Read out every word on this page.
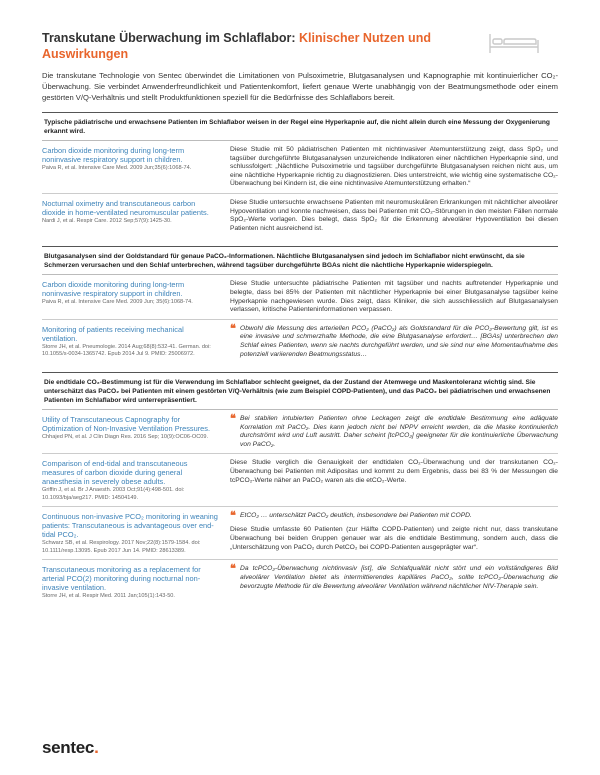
Transkutane Überwachung im Schlaflabor: Klinischer Nutzen und Auswirkungen

Die transkutane Technologie von Sentec überwindet die Limitationen von Pulsoximetrie, Blutgasanalysen und Kapnographie mit kontinuierlicher CO₂-Überwachung. Sie verbindet Anwenderfreundlichkeit und Patientenkomfort, liefert genaue Werte unabhängig von der Beatmungsmethode oder einem gestörten V/Q-Verhältnis und stellt Produktfunktionen speziell für die Bedürfnisse des Schlaflabors bereit.

Typische pädiatrische und erwachsene Patienten im Schlaflabor weisen in der Regel eine Hyperkapnie auf, die nicht allein durch eine Messung der Oxygenierung erkannt wird.
Carbon dioxide monitoring during long-term noninvasive respiratory support in children.
Paiva R, et al. Intensive Care Med. 2009 Jun;35(6):1068-74.
Diese Studie mit 50 pädiatrischen Patienten mit nichtinvasiver Atemunterstützung zeigt, dass SpO₂ und tagsüber durchgeführte Blutgasanalysen unzureichende Indikatoren einer nächtlichen Hyperkapnie sind, und schlussfolgert: „Nächtliche Pulsoximetrie und tagsüber durchgeführte Blutgasanalysen reichen nicht aus, um eine nächtliche Hyperkapnie richtig zu diagnostizieren. Dies unterstreicht, wie wichtig eine systematische CO₂-Überwachung bei Kindern ist, die eine nichtinvasive Atemunterstützung erhalten.“
Nocturnal oximetry and transcutaneous carbon dioxide in home-ventilated neuromuscular patients.
Nardi J, et al. Respir Care. 2012 Sep;57(9):1425-30.
Diese Studie untersuchte erwachsene Patienten mit neuromuskulären Erkrankungen mit nächtlicher alveolärer Hypoventilation und konnte nachweisen, dass bei Patienten mit CO₂-Störungen in den meisten Fällen normale SpO₂-Werte vorlagen. Dies belegt, dass SpO₂ für die Erkennung alveolärer Hypoventilation bei diesen Patienten nicht ausreichend ist.
Blutgasanalysen sind der Goldstandard für genaue PaCO₂-Informationen. Nächtliche Blutgasanalysen sind jedoch im Schlaflabor nicht erwünscht, da sie Schmerzen verursachen und den Schlaf unterbrechen, während tagsüber durchgeführte BGAs nicht die nächtliche Hyperkapnie widerspiegeln.
Carbon dioxide monitoring during long-term noninvasive respiratory support in children.
Paiva R, et al. Intensive Care Med. 2009 Jun; 35(6):1068-74.
Diese Studie untersuchte pädiatrische Patienten mit tagsüber und nachts auftretender Hyperkapnie und belegte, dass bei 85% der Patienten mit nächtlicher Hyperkapnie bei einer Blutgasanalyse tagsüber keine Hyperkapnie nachgewiesen wurde. Dies zeigt, dass Kliniker, die sich ausschliesslich auf Blutgasanalysen verlassen, kritische Patienteninformationen verpassen.
Monitoring of patients receiving mechanical ventilation.
Storre JH, et al. Pneumologie. 2014 Aug;68(8):532-41. German. doi: 10.1055/s-0034-1365742. Epub 2014 Jul 9. PMID: 25006972.
❝ Obwohl die Messung des arteriellen PCO₂ (PaCO₂) als Goldstandard für die PCO₂-Bewertung gilt, ist es eine invasive und schmerzhafte Methode, die eine Blutgasanalyse erfordert… [BGAs] unterbrechen den Schlaf eines Patienten, wenn sie nachts durchgeführt werden, und sie sind nur eine Momentaufnahme des potenziell variierenden Beatmungsstatus…
Die endtidale CO₂-Bestimmung ist für die Verwendung im Schlaflabor schlecht geeignet, da der Zustand der Atemwege und Maskentoleranz wichtig sind. Sie unterschätzt das PaCO₂ bei Patienten mit einem gestörten V/Q-Verhältnis (wie zum Beispiel COPD-Patienten), und das PaCO₂ bei pädiatrischen und erwachsenen Patienten im Schlaflabor wird unterrepräsentiert.
Utility of Transcutaneous Capnography for Optimization of Non-Invasive Ventilation Pressures.
Chhajed PN, et al. J Clin Diagn Res. 2016 Sep; 10(9):OC06-OC09.
❝ Bei stabilen intubierten Patienten ohne Leckagen zeigt die endtidale Bestimmung eine adäquate Korrelation mit PaCO₂. Dies kann jedoch nicht bei NPPV erreicht werden, da die Maske kontinuierlich durchströmt wird und Luft austritt. Daher scheint [tcPCO₂] geeigneter für die kontinuierliche Überwachung von PaCO₂.
Comparison of end-tidal and transcutaneous measures of carbon dioxide during general anaesthesia in severely obese adults.
Griffin J, et al. Br J Anaesth. 2003 Oct;91(4):498-501. doi: 10.1093/bja/aeg217. PMID: 14504149.
Diese Studie verglich die Genauigkeit der endtidalen CO₂-Überwachung und der transkutanen CO₂-Überwachung bei Patienten mit Adipositas und kommt zu dem Ergebnis, dass bei 83 % der Messungen die tcPCO₂-Werte näher an PaCO₂ waren als die etCO₂-Werte.
Continuous non-invasive PCO₂ monitoring in weaning patients: Transcutaneous is advantageous over end-tidal PCO₂.
Schwarz SB, et al. Respirology. 2017 Nov;22(8):1579-1584. doi: 10.1111/resp.13095. Epub 2017 Jun 14. PMID: 28613389.
❝ EtCO₂ … unterschätzt PaCO₂ deutlich, insbesondere bei Patienten mit COPD.
Diese Studie umfasste 60 Patienten (zur Hälfte COPD-Patienten) und zeigte nicht nur, dass transkutane Überwachung bei beiden Gruppen genauer war als die endtidale Bestimmung, sondern auch, dass die „Unterschätzung von PaCO₂ durch PetCO₂ bei COPD-Patienten ausgeprägter war“.
Transcutaneous monitoring as a replacement for arterial PCO(2) monitoring during nocturnal non-invasive ventilation.
Storre JH, et al. Respir Med. 2011 Jan;105(1):143-50.
❝ Da tcPCO₂-Überwachung nichtinvasiv [ist], die Schlafqualität nicht stört und ein vollständigeres Bild alveolärer Ventilation bietet als intermittierendes kapilläres PaCO₂, sollte tcPCO₂-Überwachung die bevorzugte Methode für die Bewertung alveolärer Ventilation während nächtlicher NIV-Therapie sein.
sentec.
